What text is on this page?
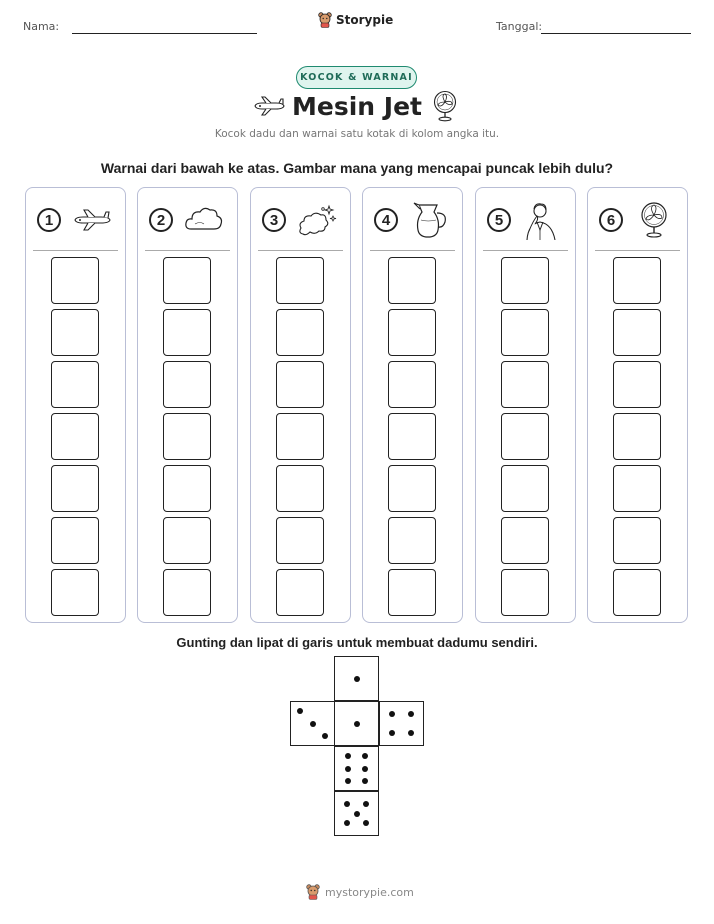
Nama:	Storypie	Tanggal:
KOCOK & WARNAI
Mesin Jet
Kocok dadu dan warnai satu kotak di kolom angka itu.
Warnai dari bawah ke atas. Gambar mana yang mencapai puncak lebih dulu?
1	2	3	4	5	6
Gunting dan lipat di garis untuk membuat dadumu sendiri.
mystorypie.com
